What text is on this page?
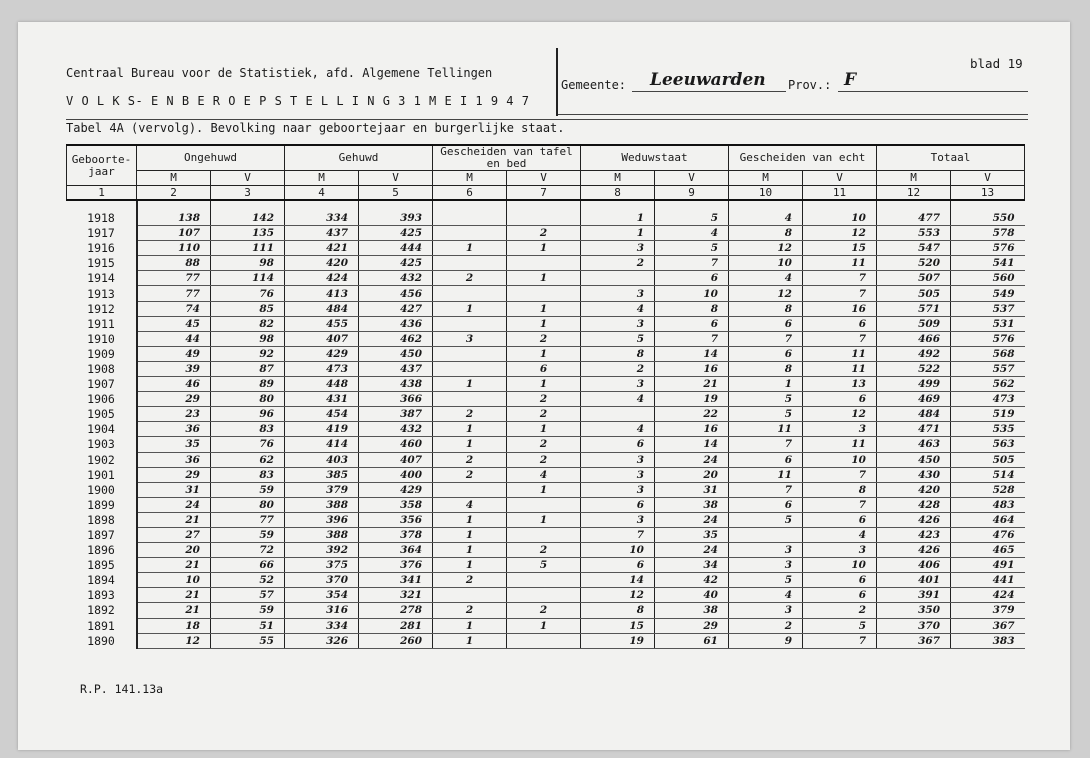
Centraal Bureau voor de Statistiek, afd. Algemene Tellingen
V O L K S- E N B E R O E P S T E L L I N G 3 1 M E I 1 9 4 7
Gemeente: Leeuwarden Prov.: F
blad 19
Tabel 4A (vervolg). Bevolking naar geboortejaar en burgerlijke staat.
Geboorte-jaar	Ongehuwd		Gehuwd		Gescheiden van tafel en bed		Weduwstaat		Gescheiden van echt		Totaal	
	M	V	M	V	M	V	M	V	M	V	M	V
1	2	3	4	5	6	7	8	9	10	11	12	13

1918	138	142	334	393			1	5	4	10	477	550
1917	107	135	437	425		2	1	4	8	12	553	578
1916	110	111	421	444	1	1	3	5	12	15	547	576
1915	88	98	420	425			2	7	10	11	520	541
1914	77	114	424	432	2	1		6	4	7	507	560
1913	77	76	413	456			3	10	12	7	505	549
1912	74	85	484	427	1	1	4	8	8	16	571	537
1911	45	82	455	436		1	3	6	6	6	509	531
1910	44	98	407	462	3	2	5	7	7	7	466	576
1909	49	92	429	450		1	8	14	6	11	492	568
1908	39	87	473	437		6	2	16	8	11	522	557
1907	46	89	448	438	1	1	3	21	1	13	499	562
1906	29	80	431	366		2	4	19	5	6	469	473
1905	23	96	454	387	2	2		22	5	12	484	519
1904	36	83	419	432	1	1	4	16	11	3	471	535
1903	35	76	414	460	1	2	6	14	7	11	463	563
1902	36	62	403	407	2	2	3	24	6	10	450	505
1901	29	83	385	400	2	4	3	20	11	7	430	514
1900	31	59	379	429		1	3	31	7	8	420	528
1899	24	80	388	358	4		6	38	6	7	428	483
1898	21	77	396	356	1	1	3	24	5	6	426	464
1897	27	59	388	378	1		7	35		4	423	476
1896	20	72	392	364	1	2	10	24	3	3	426	465
1895	21	66	375	376	1	5	6	34	3	10	406	491
1894	10	52	370	341	2		14	42	5	6	401	441
1893	21	57	354	321			12	40	4	6	391	424
1892	21	59	316	278	2	2	8	38	3	2	350	379
1891	18	51	334	281	1	1	15	29	2	5	370	367
1890	12	55	326	260	1		19	61	9	7	367	383
R.P. 141.13a
